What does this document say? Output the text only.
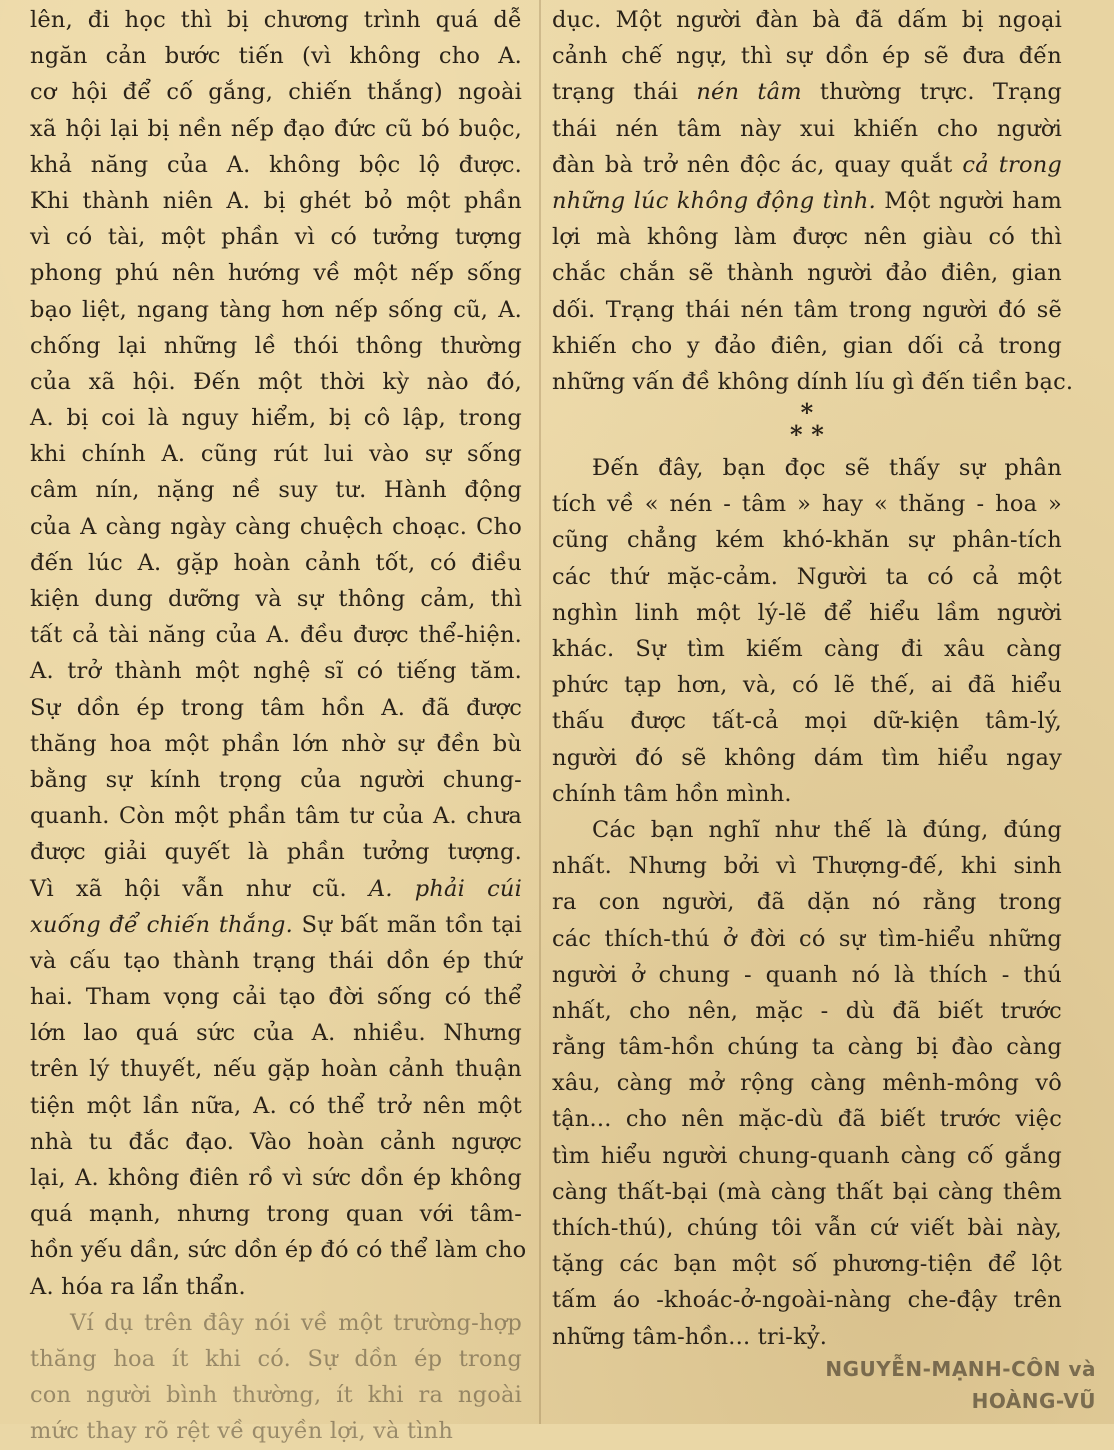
lên, đi học thì bị chương trình quá dễ
ngăn cản bước tiến (vì không cho A.
cơ hội để cố gắng, chiến thắng) ngoài
xã hội lại bị nền nếp đạo đức cũ bó buộc,
khả năng của A. không bộc lộ được.
Khi thành niên A. bị ghét bỏ một phần
vì có tài, một phần vì có tưởng tượng
phong phú nên hướng về một nếp sống
bạo liệt, ngang tàng hơn nếp sống cũ, A.
chống lại những lề thói thông thường
của xã hội. Đến một thời kỳ nào đó,
A. bị coi là nguy hiểm, bị cô lập, trong
khi chính A. cũng rút lui vào sự sống
câm nín, nặng nề suy tư. Hành động
của A càng ngày càng chuệch choạc. Cho
đến lúc A. gặp hoàn cảnh tốt, có điều
kiện dung dưỡng và sự thông cảm, thì
tất cả tài năng của A. đều được thể-hiện.
A. trở thành một nghệ sĩ có tiếng tăm.
Sự dồn ép trong tâm hồn A. đã được
thăng hoa một phần lớn nhờ sự đền bù
bằng sự kính trọng của người chung-
quanh. Còn một phần tâm tư của A. chưa
được giải quyết là phần tưởng tượng.
Vì xã hội vẫn như cũ. A. phải cúi
xuống để chiến thắng. Sự bất mãn tồn tại
và cấu tạo thành trạng thái dồn ép thứ
hai. Tham vọng cải tạo đời sống có thể
lớn lao quá sức của A. nhiều. Nhưng
trên lý thuyết, nếu gặp hoàn cảnh thuận
tiện một lần nữa, A. có thể trở nên một
nhà tu đắc đạo. Vào hoàn cảnh ngược
lại, A. không điên rồ vì sức dồn ép không
quá mạnh, nhưng trong quan với tâm-
hồn yếu dần, sức dồn ép đó có thể làm cho
A. hóa ra lẩn thẩn.
Ví dụ trên đây nói về một trường-hợp
thăng hoa ít khi có. Sự dồn ép trong
con người bình thường, ít khi ra ngoài
mức thay rõ rệt về quyền lợi, và tình
dục. Một người đàn bà đã dấm bị ngoại
cảnh chế ngự, thì sự dồn ép sẽ đưa đến
trạng thái nén tâm thường trực. Trạng
thái nén tâm này xui khiến cho người
đàn bà trở nên độc ác, quay quắt cả trong
những lúc không động tình. Một người ham
lợi mà không làm được nên giàu có thì
chắc chắn sẽ thành người đảo điên, gian
dối. Trạng thái nén tâm trong người đó sẽ
khiến cho y đảo điên, gian dối cả trong
những vấn đề không dính líu gì đến tiền bạc.
*
* *
Đến đây, bạn đọc sẽ thấy sự phân
tích về « nén - tâm » hay « thăng - hoa »
cũng chẳng kém khó-khăn sự phân-tích
các thứ mặc-cảm. Người ta có cả một
nghìn linh một lý-lẽ để hiểu lầm người
khác. Sự tìm kiếm càng đi xâu càng
phức tạp hơn, và, có lẽ thế, ai đã hiểu
thấu được tất-cả mọi dữ-kiện tâm-lý,
người đó sẽ không dám tìm hiểu ngay
chính tâm hồn mình.
Các bạn nghĩ như thế là đúng, đúng
nhất. Nhưng bởi vì Thượng-đế, khi sinh
ra con người, đã dặn nó rằng trong
các thích-thú ở đời có sự tìm-hiểu những
người ở chung - quanh nó là thích - thú
nhất, cho nên, mặc - dù đã biết trước
rằng tâm-hồn chúng ta càng bị đào càng
xâu, càng mở rộng càng mênh-mông vô
tận... cho nên mặc-dù đã biết trước việc
tìm hiểu người chung-quanh càng cố gắng
càng thất-bại (mà càng thất bại càng thêm
thích-thú), chúng tôi vẫn cứ viết bài này,
tặng các bạn một số phương-tiện để lột
tấm áo -khoác-ở-ngoài-nàng che-đậy trên
những tâm-hồn... tri-kỷ.
NGUYỄN-MẠNH-CÔN và
HOÀNG-VŨ
